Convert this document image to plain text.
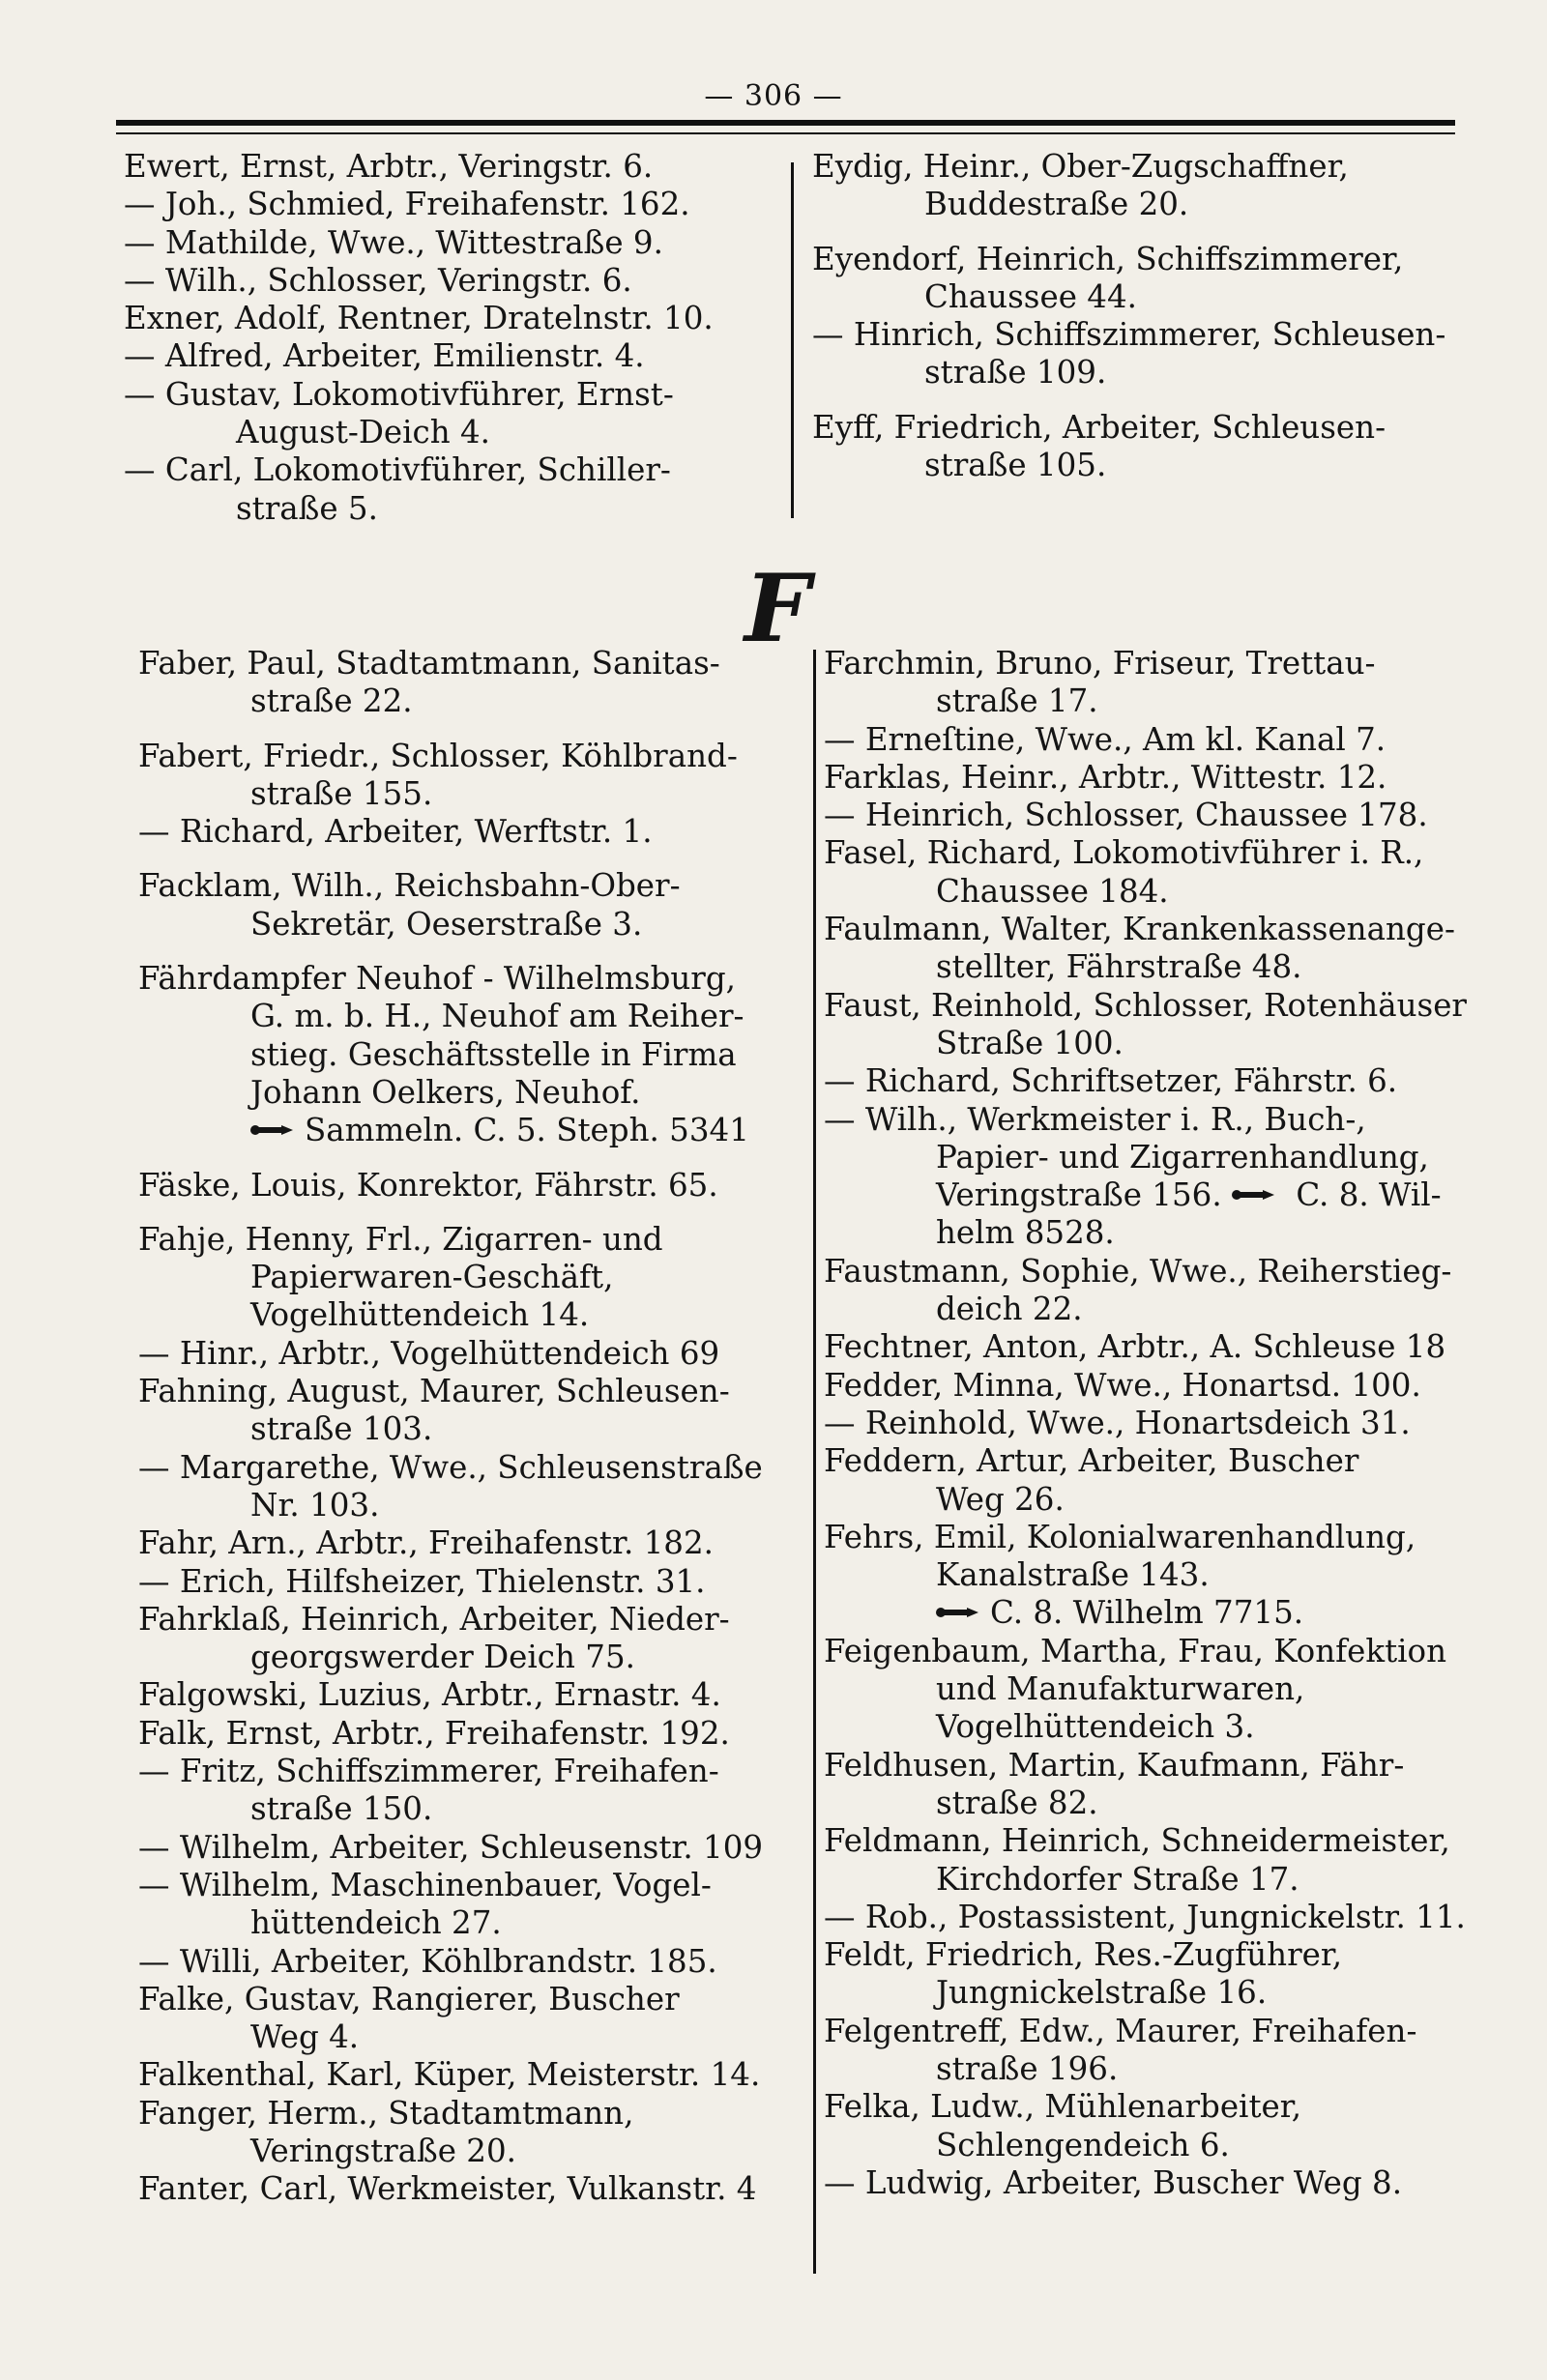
— 306 —
Ewert, Ernst, Arbtr., Veringstr. 6.
— Joh., Schmied, Freihafenstr. 162.
— Mathilde, Wwe., Wittestraße 9.
— Wilh., Schlosser, Veringstr. 6.
Exner, Adolf, Rentner, Dratelnstr. 10.
— Alfred, Arbeiter, Emilienstr. 4.
— Gustav, Lokomotivführer, Ernst-
August-Deich 4.
— Carl, Lokomotivführer, Schiller-
straße 5.
Eydig, Heinr., Ober-Zugschaffner,
Buddestraße 20.
Eyendorf, Heinrich, Schiffszimmerer,
Chaussee 44.
— Hinrich, Schiffszimmerer, Schleusen-
straße 109.
Eyff, Friedrich, Arbeiter, Schleusen-
straße 105.
F
Faber, Paul, Stadtamtmann, Sanitas-
straße 22.
Fabert, Friedr., Schlosser, Köhlbrand-
straße 155.
— Richard, Arbeiter, Werftstr. 1.
Facklam, Wilh., Reichsbahn-Ober-
Sekretär, Oeserstraße 3.
Fährdampfer Neuhof - Wilhelmsburg,
G. m. b. H., Neuhof am Reiher-
stieg. Geschäftsstelle in Firma
Johann Oelkers, Neuhof.
Sammeln. C. 5. Steph. 5341
Fäske, Louis, Konrektor, Fährstr. 65.
Fahje, Henny, Frl., Zigarren- und
Papierwaren-Geschäft,
Vogelhüttendeich 14.
— Hinr., Arbtr., Vogelhüttendeich 69
Fahning, August, Maurer, Schleusen-
straße 103.
— Margarethe, Wwe., Schleusenstraße
Nr. 103.
Fahr, Arn., Arbtr., Freihafenstr. 182.
— Erich, Hilfsheizer, Thielenstr. 31.
Fahrklaß, Heinrich, Arbeiter, Nieder-
georgswerder Deich 75.
Falgowski, Luzius, Arbtr., Ernastr. 4.
Falk, Ernst, Arbtr., Freihafenstr. 192.
— Fritz, Schiffszimmerer, Freihafen-
straße 150.
— Wilhelm, Arbeiter, Schleusenstr. 109
— Wilhelm, Maschinenbauer, Vogel-
hüttendeich 27.
— Willi, Arbeiter, Köhlbrandstr. 185.
Falke, Gustav, Rangierer, Buscher
Weg 4.
Falkenthal, Karl, Küper, Meisterstr. 14.
Fanger, Herm., Stadtamtmann,
Veringstraße 20.
Fanter, Carl, Werkmeister, Vulkanstr. 4
Farchmin, Bruno, Friseur, Trettau-
straße 17.
— Erneſtine, Wwe., Am kl. Kanal 7.
Farklas, Heinr., Arbtr., Wittestr. 12.
— Heinrich, Schlosser, Chaussee 178.
Fasel, Richard, Lokomotivführer i. R.,
Chaussee 184.
Faulmann, Walter, Krankenkassenange-
stellter, Fährstraße 48.
Faust, Reinhold, Schlosser, Rotenhäuser
Straße 100.
— Richard, Schriftsetzer, Fährstr. 6.
— Wilh., Werkmeister i. R., Buch-,
Papier- und Zigarrenhandlung,
Veringstraße 156.  C. 8. Wil-
helm 8528.
Faustmann, Sophie, Wwe., Reiherstieg-
deich 22.
Fechtner, Anton, Arbtr., A. Schleuse 18
Fedder, Minna, Wwe., Honartsd. 100.
— Reinhold, Wwe., Honartsdeich 31.
Feddern, Artur, Arbeiter, Buscher
Weg 26.
Fehrs, Emil, Kolonialwarenhandlung,
Kanalstraße 143.
C. 8. Wilhelm 7715.
Feigenbaum, Martha, Frau, Konfektion
und Manufakturwaren,
Vogelhüttendeich 3.
Feldhusen, Martin, Kaufmann, Fähr-
straße 82.
Feldmann, Heinrich, Schneidermeister,
Kirchdorfer Straße 17.
— Rob., Postassistent, Jungnickelstr. 11.
Feldt, Friedrich, Res.-Zugführer,
Jungnickelstraße 16.
Felgentreff, Edw., Maurer, Freihafen-
straße 196.
Felka, Ludw., Mühlenarbeiter,
Schlengendeich 6.
— Ludwig, Arbeiter, Buscher Weg 8.
